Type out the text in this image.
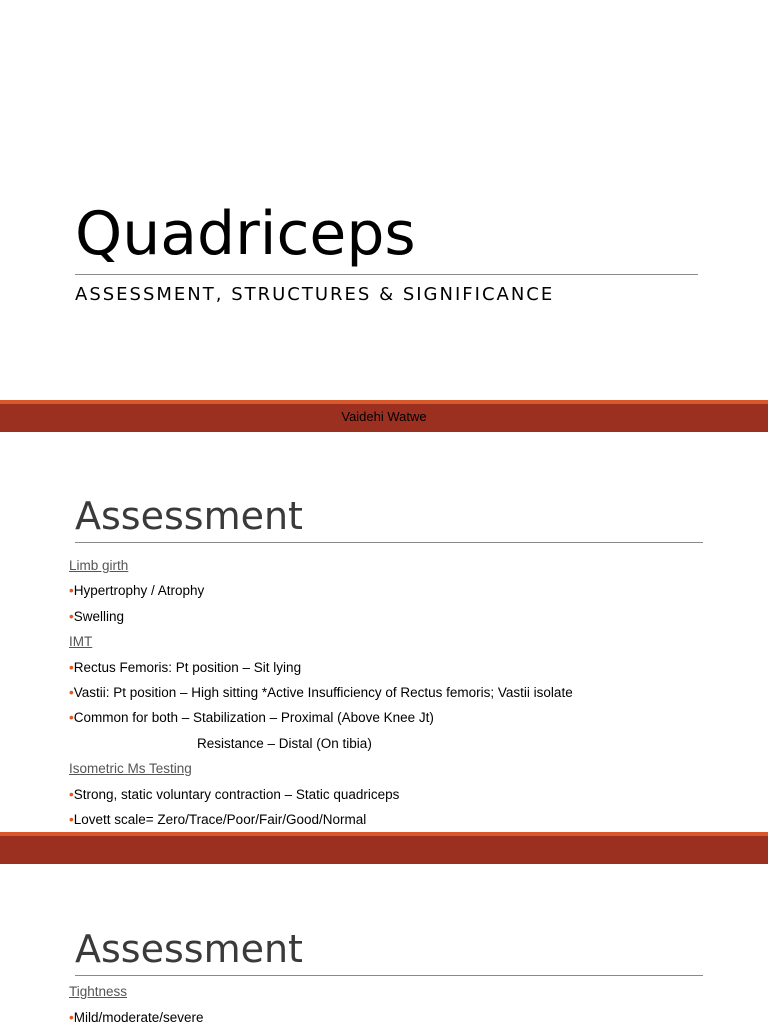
Quadriceps
ASSESSMENT, STRUCTURES & SIGNIFICANCE
Vaidehi Watwe
Assessment
Limb girth
•Hypertrophy / Atrophy
•Swelling
IMT
•Rectus Femoris: Pt position – Sit lying
•Vastii: Pt position – High sitting *Active Insufficiency of Rectus femoris; Vastii isolate
•Common for both – Stabilization – Proximal (Above Knee Jt)
Resistance – Distal (On tibia)
Isometric Ms Testing
•Strong, static voluntary contraction – Static quadriceps
•Lovett scale= Zero/Trace/Poor/Fair/Good/Normal
Assessment
Tightness
•Mild/moderate/severe
